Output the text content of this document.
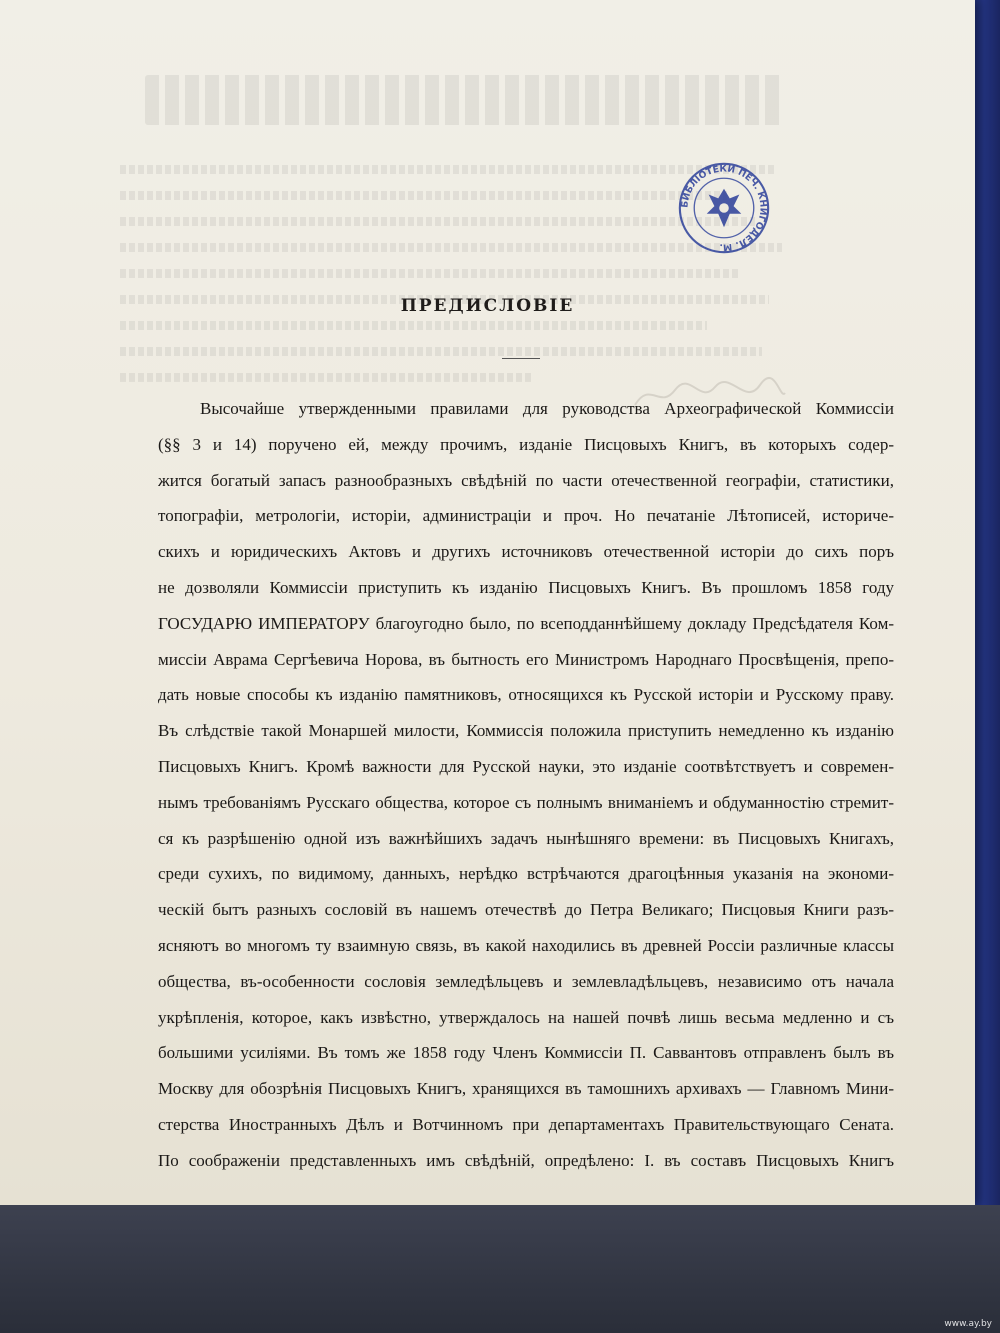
БИБЛІОТЕКИ ПЕЧ. КНИГОДЕЛ. М.
ПРЕДИСЛОВІЕ
Высочайше утвержденными правилами для руководства Археографической Коммиссіи
(§§ 3 и 14) поручено ей, между прочимъ, изданіе Писцовыхъ Книгъ, въ которыхъ содер-
жится богатый запасъ разнообразныхъ свѣдѣній по части отечественной географіи, статистики,
топографіи, метрологіи, исторіи, администраціи и проч. Но печатаніе Лѣтописей, историче-
скихъ и юридическихъ Актовъ и другихъ источниковъ отечественной исторіи до сихъ поръ
не дозволяли Коммиссіи приступить къ изданію Писцовыхъ Книгъ. Въ прошломъ 1858 году
ГОСУДАРЮ ИМПЕРАТОРУ благоугодно было, по всеподданнѣйшему докладу Предсѣдателя Ком-
миссіи Аврама Сергѣевича Норова, въ бытность его Министромъ Народнаго Просвѣщенія, препо-
дать новые способы къ изданію памятниковъ, относящихся къ Русской исторіи и Русскому праву.
Въ слѣдствіе такой Монаршей милости, Коммиссія положила приступить немедленно къ изданію
Писцовыхъ Книгъ. Кромѣ важности для Русской науки, это изданіе соотвѣтствуетъ и современ-
нымъ требованіямъ Русскаго общества, которое съ полнымъ вниманіемъ и обдуманностію стремит-
ся къ разрѣшенію одной изъ важнѣйшихъ задачъ нынѣшняго времени: въ Писцовыхъ Книгахъ,
среди сухихъ, по видимому, данныхъ, нерѣдко встрѣчаются драгоцѣнныя указанія на экономи-
ческій бытъ разныхъ сословій въ нашемъ отечествѣ до Петра Великаго; Писцовыя Книги разъ-
ясняютъ во многомъ ту взаимную связь, въ какой находились въ древней Россіи различные классы
общества, въ-особенности сословія земледѣльцевъ и землевладѣльцевъ, независимо отъ начала
укрѣпленія, которое, какъ извѣстно, утверждалось на нашей почвѣ лишь весьма медленно и съ
большими усиліями. Въ томъ же 1858 году Членъ Коммиссіи П. Саввантовъ отправленъ былъ въ
Москву для обозрѣнія Писцовыхъ Книгъ, хранящихся въ тамошнихъ архивахъ — Главномъ Мини-
стерства Иностранныхъ Дѣлъ и Вотчинномъ при департаментахъ Правительствующаго Сената.
По соображеніи представленныхъ имъ свѣдѣній, опредѣлено: I. въ составъ Писцовыхъ Книгъ
www.ay.by
